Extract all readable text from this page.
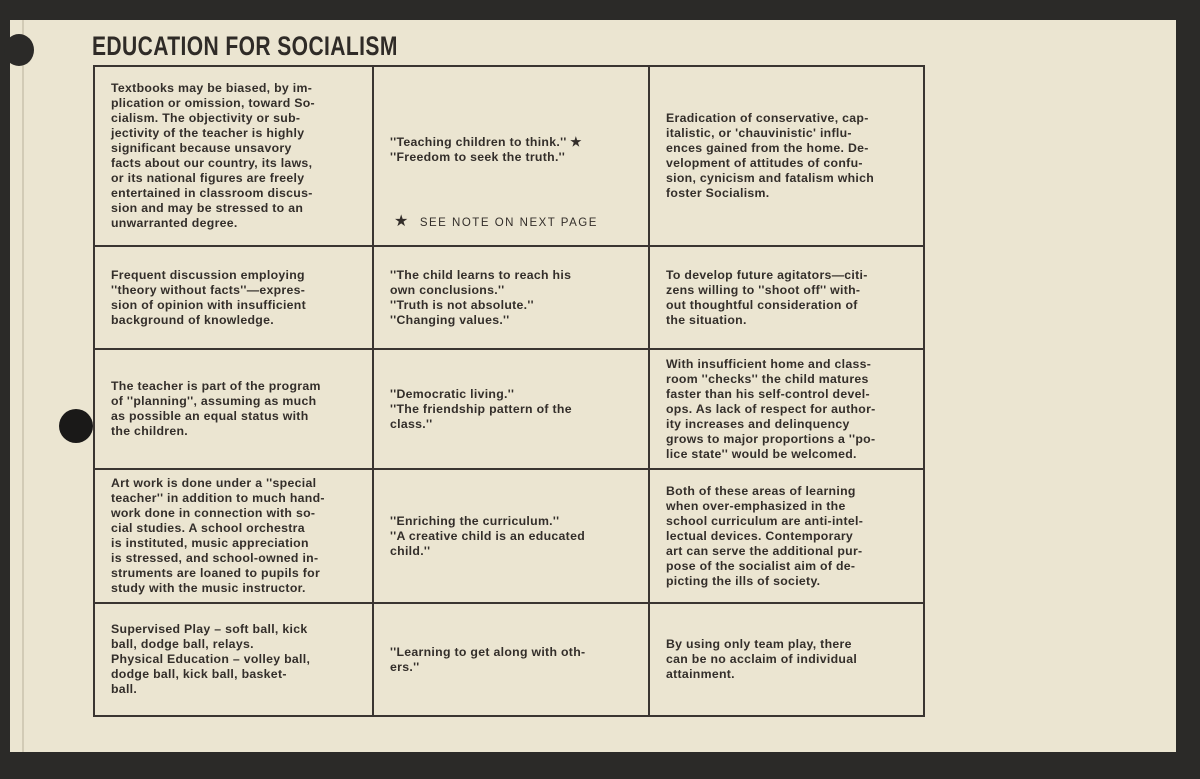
EDUCATION FOR SOCIALISM
Textbooks may be biased, by im-
plication or omission, toward So-
cialism. The objectivity or sub-
jectivity of the teacher is highly
significant because unsavory
facts about our country, its laws,
or its national figures are freely
entertained in classroom discus-
sion and may be stressed to an
unwarranted degree.
''Teaching children to think.'' ★
''Freedom to seek the truth.''
★ SEE NOTE ON NEXT PAGE
Eradication of conservative, cap-
italistic, or 'chauvinistic' influ-
ences gained from the home. De-
velopment of attitudes of confu-
sion, cynicism and fatalism which
foster Socialism.
Frequent discussion employing
''theory without facts''—expres-
sion of opinion with insufficient
background of knowledge.
''The child learns to reach his
own conclusions.''
''Truth is not absolute.''
''Changing values.''
To develop future agitators—citi-
zens willing to ''shoot off'' with-
out thoughtful consideration of
the situation.
The teacher is part of the program
of ''planning'', assuming as much
as possible an equal status with
the children.
''Democratic living.''
''The friendship pattern of the
class.''
With insufficient home and class-
room ''checks'' the child matures
faster than his self-control devel-
ops. As lack of respect for author-
ity increases and delinquency
grows to major proportions a ''po-
lice state'' would be welcomed.
Art work is done under a ''special
teacher'' in addition to much hand-
work done in connection with so-
cial studies. A school orchestra
is instituted, music appreciation
is stressed, and school-owned in-
struments are loaned to pupils for
study with the music instructor.
''Enriching the curriculum.''
''A creative child is an educated
child.''
Both of these areas of learning
when over-emphasized in the
school curriculum are anti-intel-
lectual devices. Contemporary
art can serve the additional pur-
pose of the socialist aim of de-
picting the ills of society.
Supervised Play – soft ball, kick
ball, dodge ball, relays.
Physical Education – volley ball,
dodge ball, kick ball, basket-
ball.
''Learning to get along with oth-
ers.''
By using only team play, there
can be no acclaim of individual
attainment.
